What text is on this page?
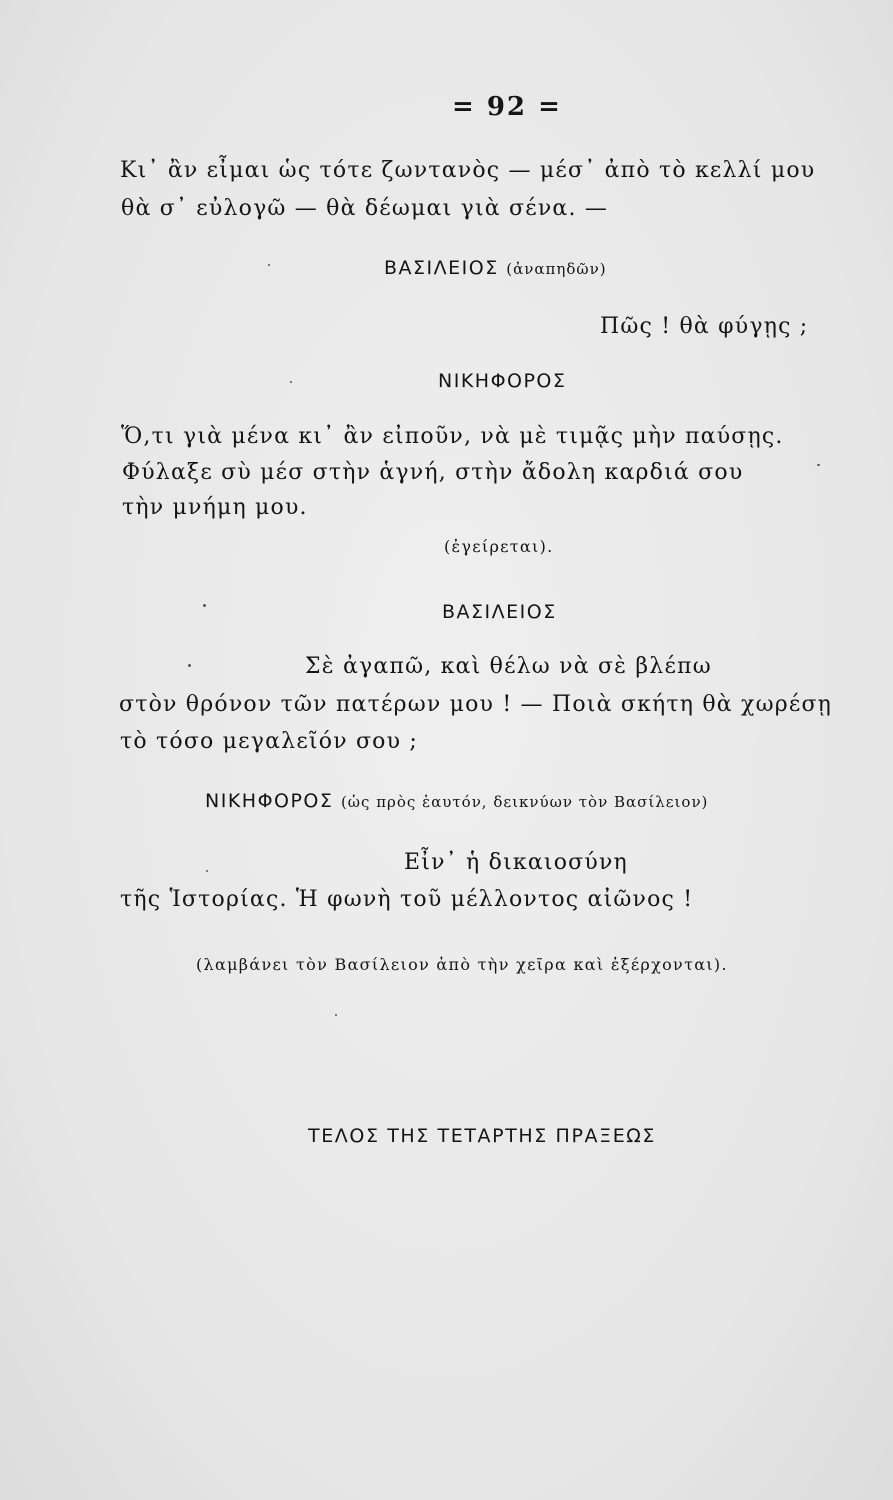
= 92 =
Κι᾽ ἂν εἶμαι ὡς τότε ζωντανὸς — μέσ᾽ ἀπὸ τὸ κελλί μου
θὰ σ᾽ εὐλογῶ — θὰ δέωμαι γιὰ σένα. —
ΒΑΣΙΛΕΙΟΣ (ἀναπηδῶν)
Πῶς ! θὰ φύγῃς ;
ΝΙΚΗΦΟΡΟΣ
Ὅ,τι γιὰ μένα κι᾽ ἂν εἰποῦν, νὰ μὲ τιμᾷς μὴν παύσῃς.
Φύλαξε σὺ μέσ στὴν ἁγνή, στὴν ἄδολη καρδιά σου
τὴν μνήμη μου.
(ἐγείρεται).
ΒΑΣΙΛΕΙΟΣ
Σὲ ἀγαπῶ, καὶ θέλω νὰ σὲ βλέπω
στὸν θρόνον τῶν πατέρων μου ! — Ποιὰ σκήτη θὰ χωρέσῃ
τὸ τόσο μεγαλεῖόν σου ;
ΝΙΚΗΦΟΡΟΣ (ὡς πρὸς ἑαυτόν, δεικνύων τὸν Βασίλειον)
Εἶν᾽ ἡ δικαιοσύνη
τῆς Ἱστορίας. Ἡ φωνὴ τοῦ μέλλοντος αἰῶνος !
(λαμβάνει τὸν Βασίλειον ἀπὸ τὴν χεῖρα καὶ ἐξέρχονται).
ΤΕΛΟΣ ΤΗΣ ΤΕΤΑΡΤΗΣ ΠΡΑΞΕΩΣ
